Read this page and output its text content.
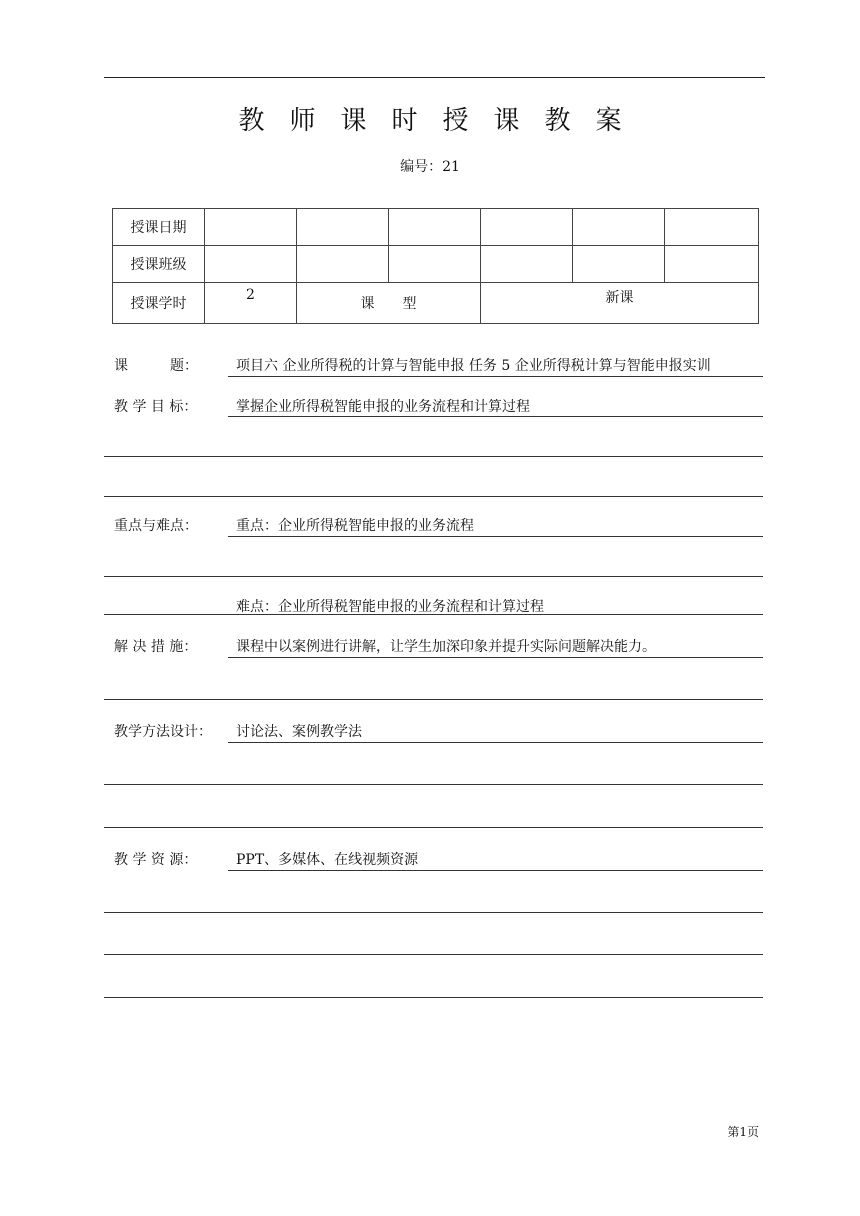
教师课时授课教案
编号：21
授课日期						
授课班级						
授课学时	2	课　　型		新课		
课　　　题：	项目六 企业所得税的计算与智能申报 任务 5 企业所得税计算与智能申报实训
教 学 目 标：	掌握企业所得税智能申报的业务流程和计算过程
重点与难点：	重点：企业所得税智能申报的业务流程
难点：企业所得税智能申报的业务流程和计算过程
解 决 措 施：	课程中以案例进行讲解，让学生加深印象并提升实际问题解决能力。
教学方法设计： 讨论法、案例教学法
教 学 资 源：	PPT、多媒体、在线视频资源
第1页
